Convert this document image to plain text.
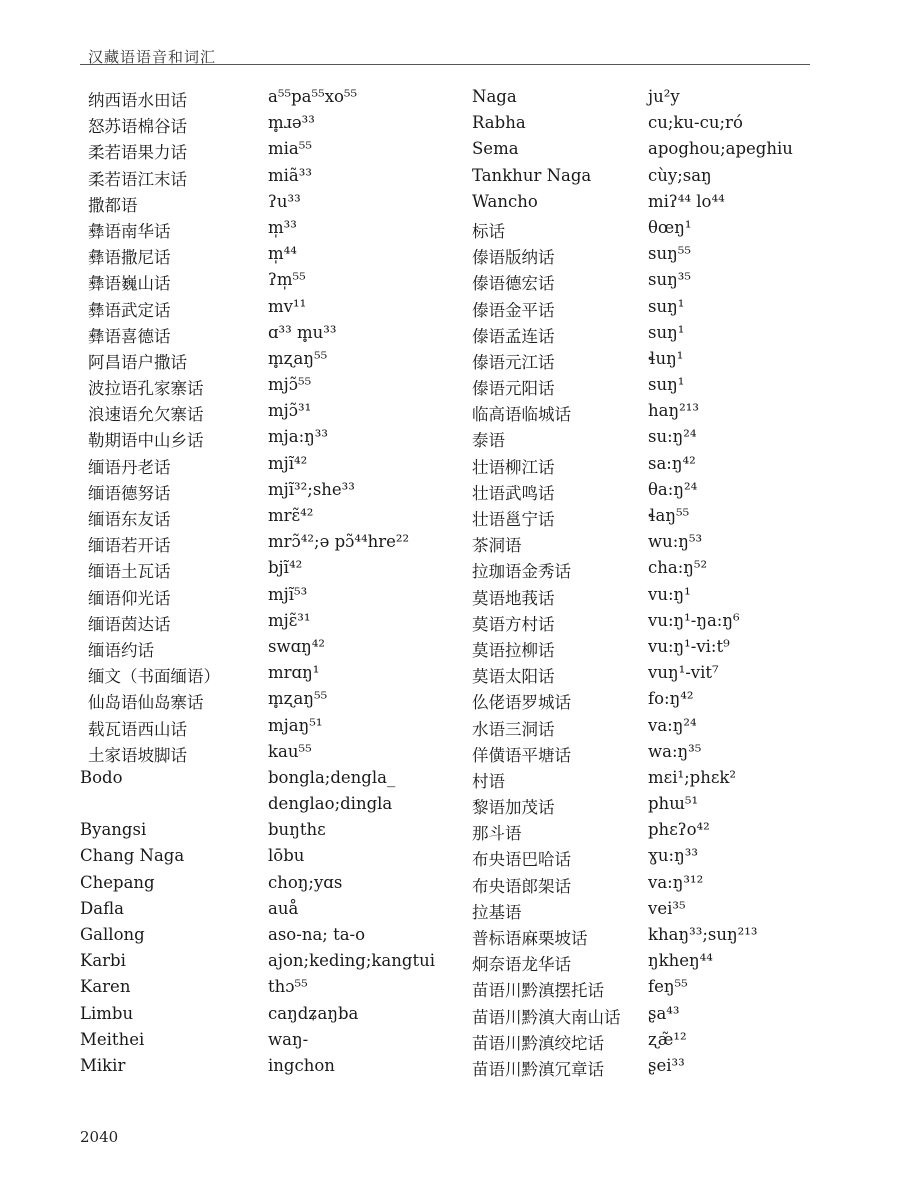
汉藏语语音和词汇
纳西语水田话	a⁵⁵pa⁵⁵xo⁵⁵
怒苏语棉谷话	m̥ɹə³³
柔若语果力话	mia⁵⁵
柔若语江末话	miã³³
撒都语	ʔu³³
彝语南华话	m̩³³
彝语撒尼话	m̩⁴⁴
彝语巍山话	ʔm̩⁵⁵
彝语武定话	mv¹¹
彝语喜德话	ɑ³³ m̥u³³
阿昌语户撒话	m̥ʐaŋ⁵⁵
波拉语孔家寨话	mjɔ̃⁵⁵
浪速语允欠寨话	mjɔ̃³¹
勒期语中山乡话	mja:ŋ³³
缅语丹老话	mjĩ⁴²
缅语德努话	mjĩ³²;she³³
缅语东友话	mrɛ̃⁴²
缅语若开话	mrɔ̃⁴²;ə pɔ̃⁴⁴hre²²
缅语土瓦话	bjĩ⁴²
缅语仰光话	mjĩ⁵³
缅语茵达话	mjɛ̃³¹
缅语约话	swɑŋ⁴²
缅文（书面缅语）	mrɑŋ¹
仙岛语仙岛寨话	m̥ʐaŋ⁵⁵
载瓦语西山话	mjaŋ⁵¹
土家语坡脚话	kau⁵⁵
Bodo	bongla;dengla_
denglao;dingla
Byangsi	buŋthɛ
Chang Naga	lōbu
Chepang	choŋ;yɑs
Dafla	auå
Gallong	aso-na; ta-o
Karbi	ajon;keding;kangtui
Karen	thɔ⁵⁵
Limbu	caŋdʑaŋba
Meithei	waŋ-
Mikir	ingchon
Naga	ju²y
Rabha	cu;ku-cu;ró
Sema	apoghou;apeghiu
Tankhur Naga	cùy;saŋ
Wancho	miʔ⁴⁴ lo⁴⁴
标话	θœŋ¹
傣语版纳话	suŋ⁵⁵
傣语德宏话	suŋ³⁵
傣语金平话	suŋ¹
傣语孟连话	suŋ¹
傣语元江话	ɬuŋ¹
傣语元阳话	suŋ¹
临高语临城话	haŋ²¹³
泰语	su:ŋ²⁴
壮语柳江话	sa:ŋ⁴²
壮语武鸣话	θa:ŋ²⁴
壮语邕宁话	ɬaŋ⁵⁵
茶洞语	wu:ŋ⁵³
拉珈语金秀话	cha:ŋ⁵²
莫语地莪话	vu:ŋ¹
莫语方村话	vu:ŋ¹-ŋa:ŋ⁶
莫语拉柳话	vu:ŋ¹-vi:t⁹
莫语太阳话	vuŋ¹-vit⁷
仫佬语罗城话	fo:ŋ⁴²
水语三洞话	va:ŋ²⁴
佯僙语平塘话	wa:ŋ³⁵
村语	mɛi¹;phɛk²
黎语加茂话	phɯ⁵¹
那斗语	phɛʔo⁴²
布央语巴哈话	ɣu:ŋ³³
布央语郎架话	va:ŋ³¹²
拉基语	vei³⁵
普标语麻栗坡话	khaŋ³³;suŋ²¹³
炯奈语龙华话	ŋkheŋ⁴⁴
苗语川黔滇摆托话	feŋ⁵⁵
苗语川黔滇大南山话 ʂa⁴³
苗语川黔滇绞坨话	ʐæ̃¹²
苗语川黔滇冗章话	ʂei³³
2040
